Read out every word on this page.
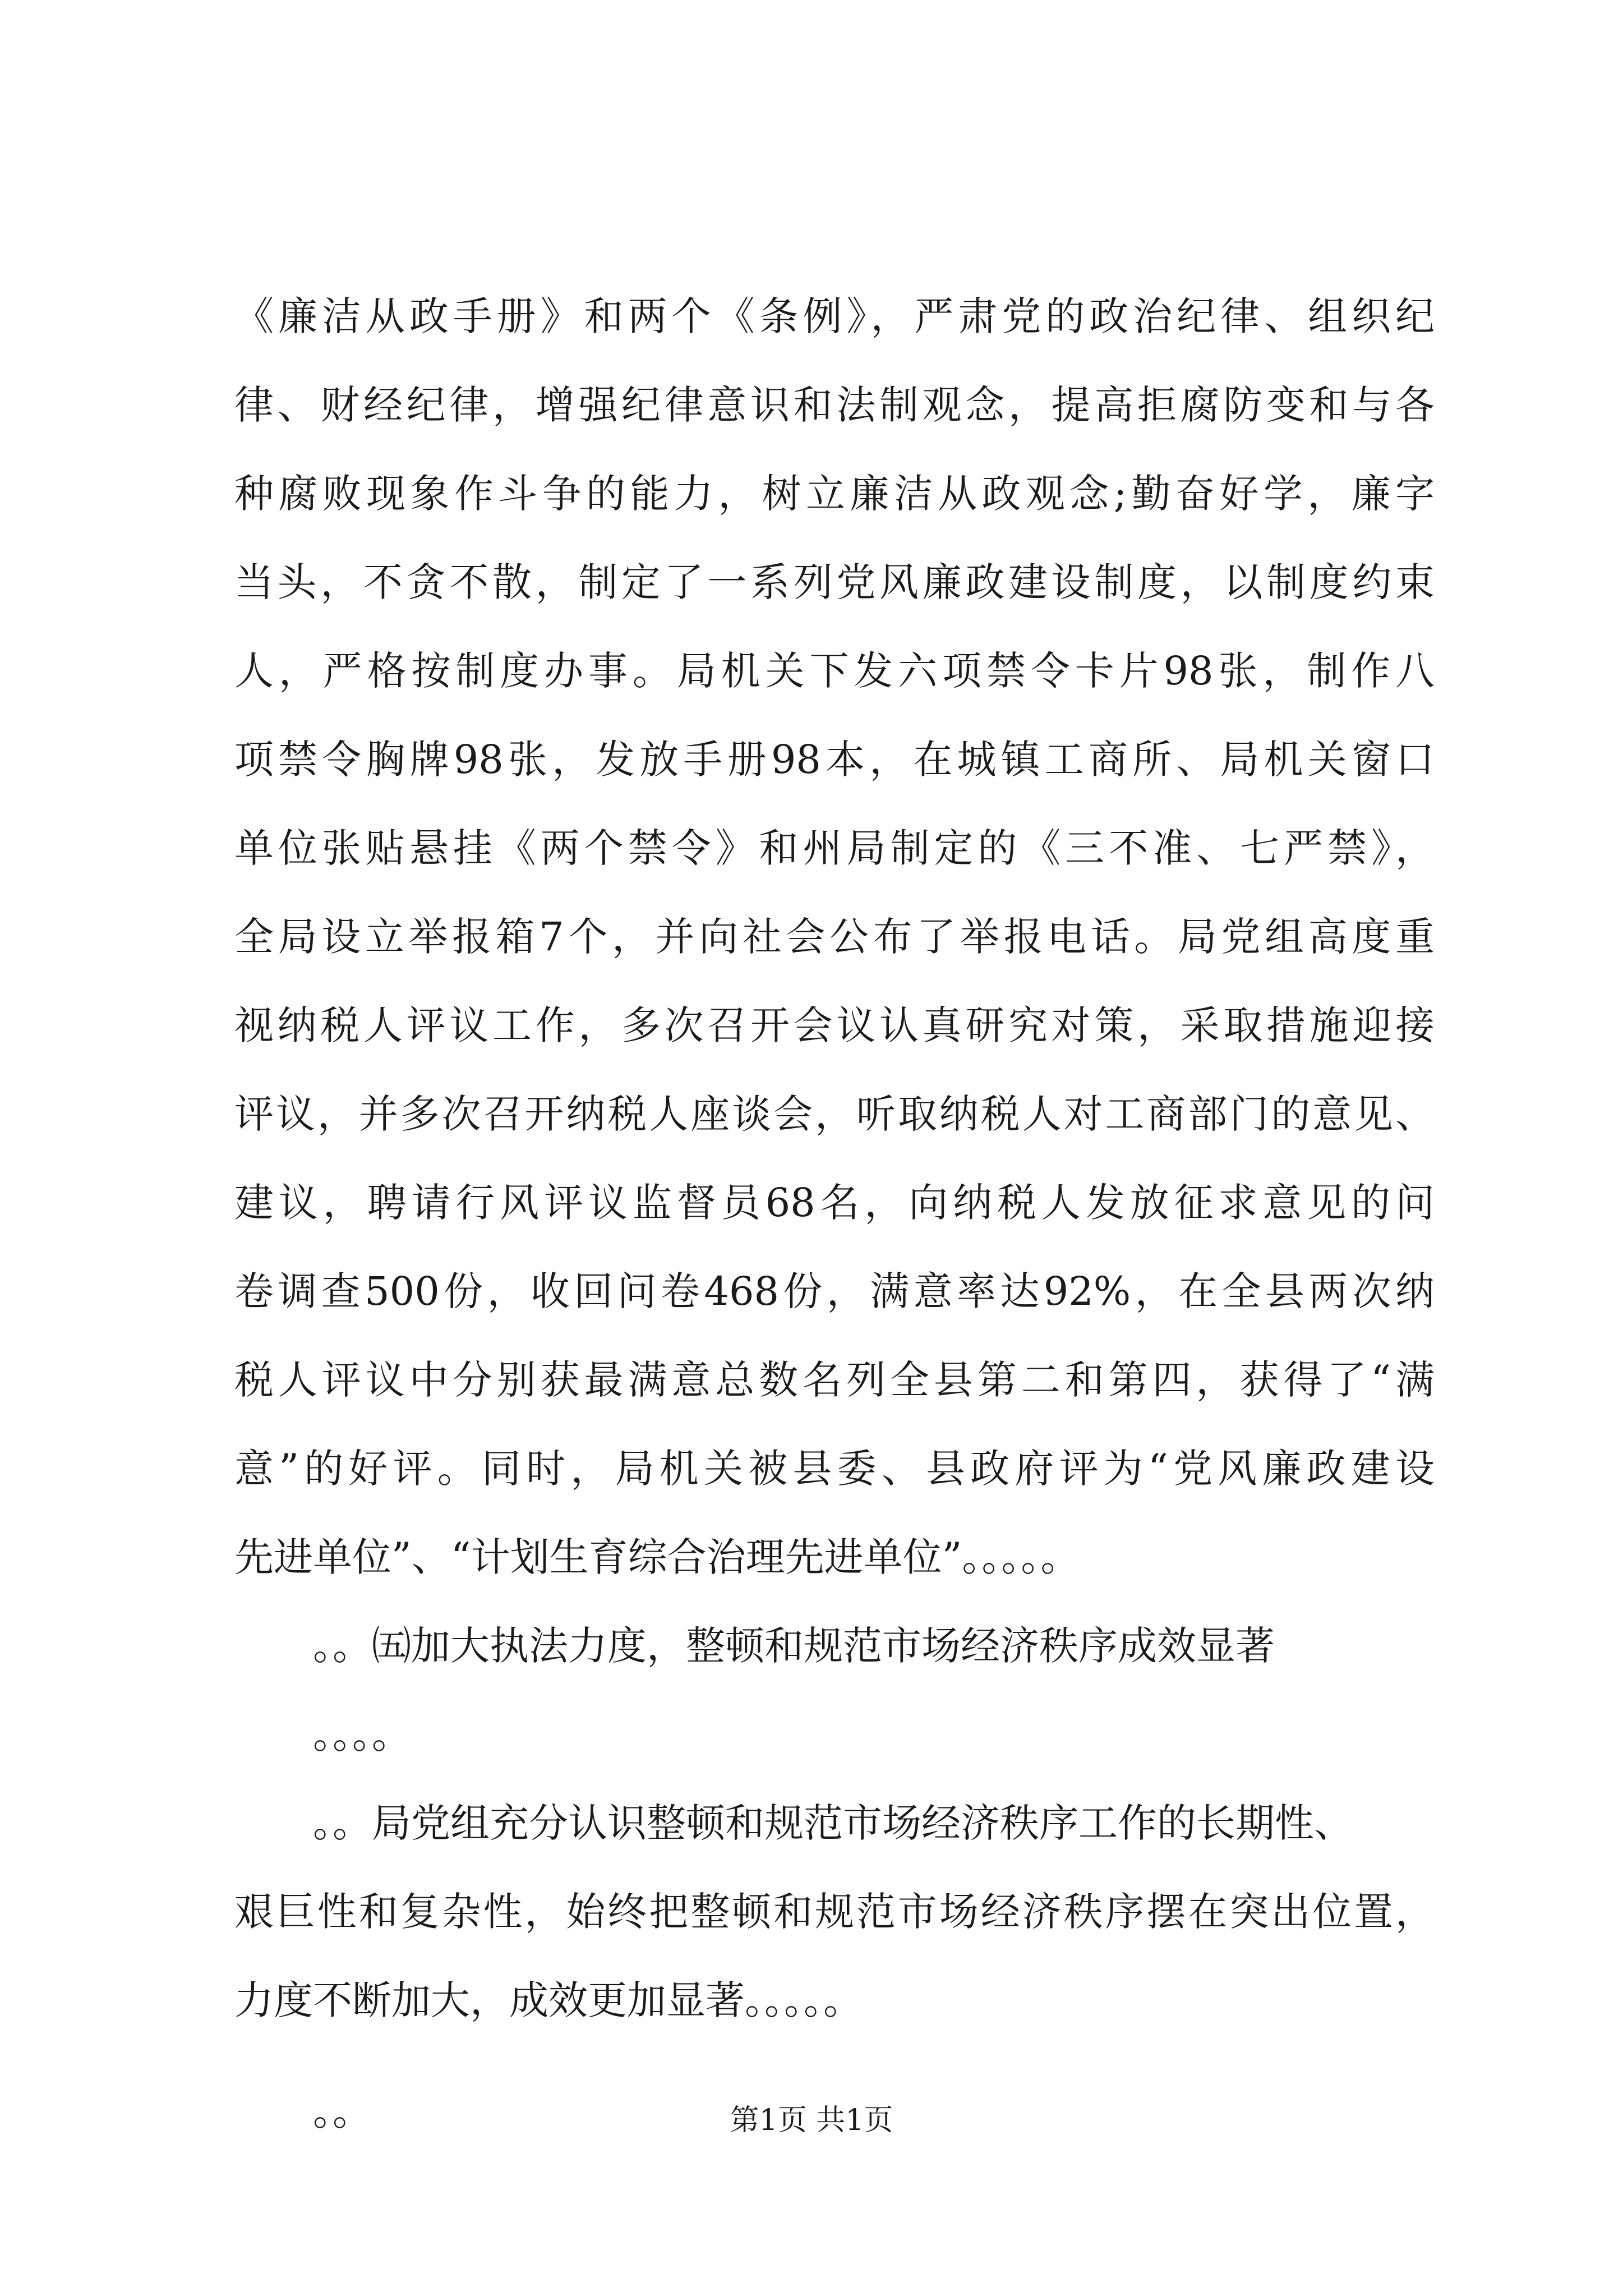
《廉洁从政手册》和两个《条例》，严肃党的政治纪律、组织纪
律、财经纪律，增强纪律意识和法制观念，提高拒腐防变和与各
种腐败现象作斗争的能力，树立廉洁从政观念;勤奋好学，廉字
当头，不贪不散，制定了一系列党风廉政建设制度，以制度约束
人，严格按制度办事。局机关下发六项禁令卡片98张，制作八
项禁令胸牌98张，发放手册98本，在城镇工商所、局机关窗口
单位张贴悬挂《两个禁令》和州局制定的《三不准、七严禁》，
全局设立举报箱7个，并向社会公布了举报电话。局党组高度重
视纳税人评议工作，多次召开会议认真研究对策，采取措施迎接
评议，并多次召开纳税人座谈会，听取纳税人对工商部门的意见、
建议，聘请行风评议监督员68名，向纳税人发放征求意见的问
卷调查500份，收回问卷468份，满意率达92%，在全县两次纳
税人评议中分别获最满意总数名列全县第二和第四，获得了“满
意”的好评。同时，局机关被县委、县政府评为“党风廉政建设
先进单位”、“计划生育综合治理先进单位”。。。。。
。。㈤加大执法力度，整顿和规范市场经济秩序成效显著
。。。。
。。局党组充分认识整顿和规范市场经济秩序工作的长期性、
艰巨性和复杂性，始终把整顿和规范市场经济秩序摆在突出位置，
力度不断加大，成效更加显著。。。。。
。。	第1页 共1页
